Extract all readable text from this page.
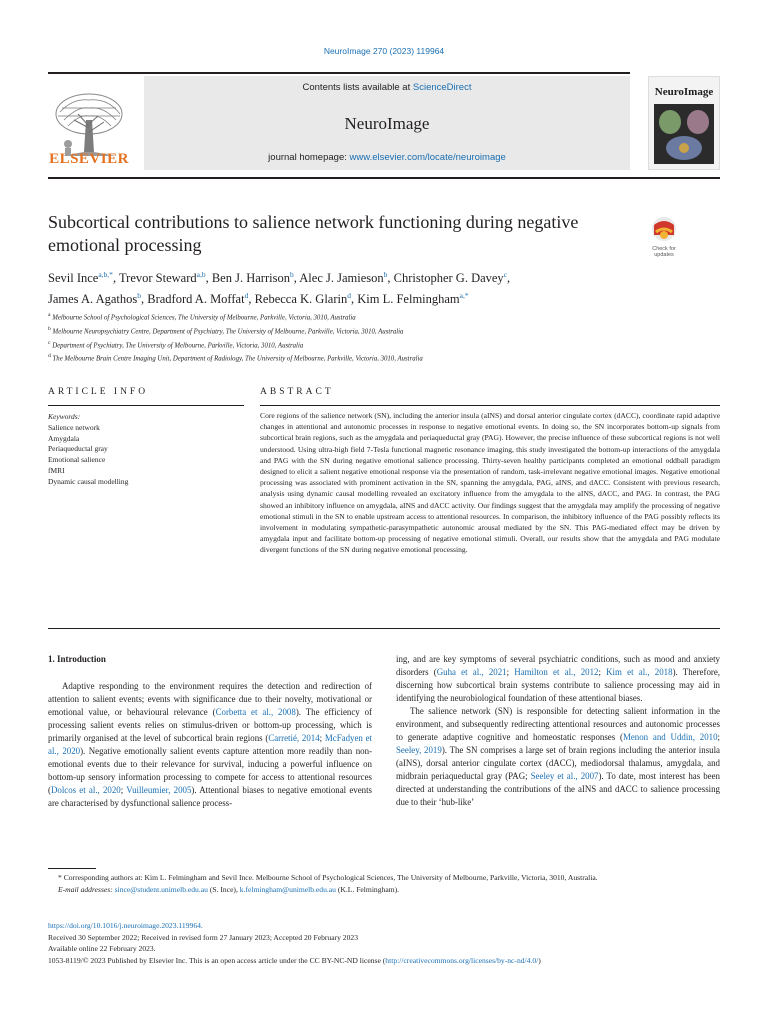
NeuroImage 270 (2023) 119964
Contents lists available at ScienceDirect
NeuroImage
journal homepage: www.elsevier.com/locate/neuroimage
ELSEVIER
NeuroImage
Subcortical contributions to salience network functioning during negative emotional processing	Check for
updates
Sevil Ince$^{a,b,*}$, Trevor Steward$^{a,b}$, Ben J. Harrison$^b$, Alec J. Jamieson$^b$, Christopher G. Davey$^c$,
James A. Agathos$^b$, Bradford A. Moffat$^d$, Rebecca K. Glarin$^d$, Kim L. Felmingham$^{a,*}$
$^a$ Melbourne School of Psychological Sciences, The University of Melbourne, Parkville, Victoria, 3010, Australia
$^b$ Melbourne Neuropsychiatry Centre, Department of Psychiatry, The University of Melbourne, Parkville, Victoria, 3010, Australia
$^c$ Department of Psychiatry, The University of Melbourne, Parkville, Victoria, 3010, Australia
$^d$ The Melbourne Brain Centre Imaging Unit, Department of Radiology, The University of Melbourne, Parkville, Victoria, 3010, Australia
ARTICLE INFO	ABSTRACT
Keywords:
Salience network
Amygdala
Periaqueductal gray
Emotional salience
fMRI
Dynamic causal modelling
Core regions of the salience network (SN), including the anterior insula (aINS) and dorsal anterior cingulate cortex (dACC), coordinate rapid adaptive changes in attentional and autonomic processes in response to negative emotional events. In doing so, the SN incorporates bottom-up signals from subcortical brain regions, such as the amygdala and periaqueductal gray (PAG). However, the precise influence of these subcortical regions is not well understood. Using ultra-high field 7-Tesla functional magnetic resonance imaging, this study investigated the bottom-up interactions of the amygdala and PAG with the SN during negative emotional salience processing. Thirty-seven healthy participants completed an emotional oddball paradigm designed to elicit a salient negative emotional response via the presentation of random, task-irrelevant negative emotional images. Negative emotional processing was associated with prominent activation in the SN, spanning the amygdala, PAG, aINS, and dACC. Consistent with previous research, analysis using dynamic causal modelling revealed an excitatory influence from the amygdala to the aINS, dACC, and PAG. In contrast, the PAG showed an inhibitory influence on amygdala, aINS and dACC activity. Our findings suggest that the amygdala may amplify the processing of negative emotional stimuli in the SN to enable upstream access to attentional resources. In comparison, the inhibitory influence of the PAG possibly reflects its involvement in modulating sympathetic-parasympathetic autonomic arousal mediated by the SN. This PAG-mediated effect may be driven by amygdala input and facilitate bottom-up processing of negative emotional stimuli. Overall, our results show that the amygdala and PAG modulate divergent functions of the SN during negative emotional processing.
1. Introduction

Adaptive responding to the environment requires the detection and redirection of attention to salient events; events with significance due to their novelty, motivational or emotional value, or behavioural relevance (Corbetta et al., 2008). The efficiency of processing salient events relies on stimulus-driven or bottom-up processing, which is primarily organised at the level of subcortical brain regions (Carretié, 2014; McFadyen et al., 2020). Negative emotionally salient events capture attention more readily than non-emotional events due to their relevance for survival, inducing a powerful influence on bottom-up sensory information processing to compete for access to attentional resources (Dolcos et al., 2020; Vuilleumier, 2005). Attentional biases to negative emotional events are characterised by dysfunctional salience process-

ing, and are key symptoms of several psychiatric conditions, such as mood and anxiety disorders (Guha et al., 2021; Hamilton et al., 2012; Kim et al., 2018). Therefore, discerning how subcortical brain systems contribute to salience processing may aid in identifying the neurobiological foundation of these attentional biases.

The salience network (SN) is responsible for detecting salient information in the environment, and subsequently redirecting attentional resources and autonomic processes to generate adaptive cognitive and homeostatic responses (Menon and Uddin, 2010; Seeley, 2019). The SN comprises a large set of brain regions including the anterior insula (aINS), dorsal anterior cingulate cortex (dACC), mediodorsal thalamus, amygdala, and midbrain periaqueductal gray (PAG; Seeley et al., 2007). To date, most interest has been directed at understanding the contributions of the aINS and dACC to salience processing due to their ‘hub-like’

* Corresponding authors at: Kim L. Felmingham and Sevil Ince. Melbourne School of Psychological Sciences, The University of Melbourne, Parkville, Victoria, 3010, Australia.
E-mail addresses: since@student.unimelb.edu.au (S. Ince), k.felmingham@unimelb.edu.au (K.L. Felmingham).
https://doi.org/10.1016/j.neuroimage.2023.119964.
Received 30 September 2022; Received in revised form 27 January 2023; Accepted 20 February 2023
Available online 22 February 2023.
1053-8119/© 2023 Published by Elsevier Inc. This is an open access article under the CC BY-NC-ND license (http://creativecommons.org/licenses/by-nc-nd/4.0/)
